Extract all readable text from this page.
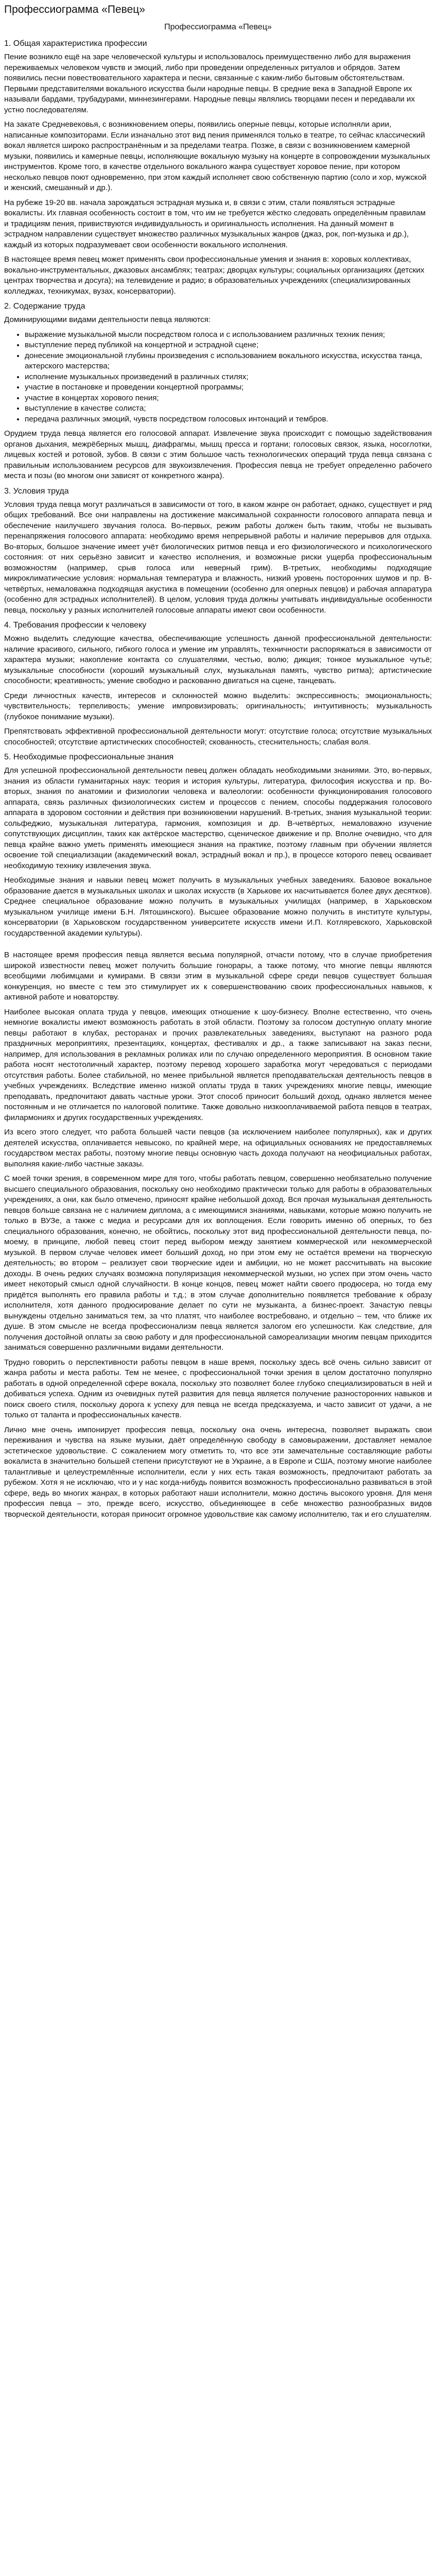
Профессиограмма «Певец»
Профессиограмма «Певец»
1. Общая характеристика профессии

Пение возникло ещё на заре человеческой культуры и использовалось преимущественно либо для выражения переживаемых человеком чувств и эмоций, либо при проведении определенных ритуалов и обрядов. Затем появились песни повествовательного характера и песни, связанные с каким-либо бытовым обстоятельствам. Первыми представителями вокального искусства были народные певцы. В средние века в Западной Европе их называли бардами, трубадурами, миннезингерами. Народные певцы являлись творцами песен и передавали их устно последователям.

На закате Средневековья, с возникновением оперы, появились оперные певцы, которые исполняли арии, написанные композиторами. Если изначально этот вид пения применялся только в театре, то сейчас классический вокал является широко распространённым и за пределами театра. Позже, в связи с возникновением камерной музыки, появились и камерные певцы, исполняющие вокальную музыку на концерте в сопровождении музыкальных инструментов. Кроме того, в качестве отдельного вокального жанра существует хоровое пение, при котором несколько певцов поют одновременно, при этом каждый исполняет свою собственную партию (соло и хор, мужской и женский, смешанный и др.).

На рубеже 19-20 вв. начала зарождаться эстрадная музыка и, в связи с этим, стали появляться эстрадные вокалисты. Их главная особенность состоит в том, что им не требуется жёстко следовать определённым правилам и традициям пения, привиствуются индивидуальность и оригинальность исполнения. На данный момент в эстрадном направлении существует множество различных музыкальных жанров (джаз, рок, поп-музыка и др.), каждый из которых подразумевает свои особенности вокального исполнения.

В настоящее время певец может применять свои профессиональные умения и знания в: хоровых коллективах, вокально-инструментальных, джазовых ансамблях; театрах; дворцах культуры; социальных организациях (детских центрах творчества и досуга); на телевидение и радио; в образовательных учреждениях (специализированных колледжах, техникумах, вузах, консерватории).

2. Содержание труда

Доминирующими видами деятельности певца являются:

• выражение музыкальной мысли посредством голоса и с использованием различных техник пения;
• выступление перед публикой на концертной и эстрадной сцене;
• донесение эмоциональной глубины произведения с использованием вокального искусства, искусства танца, актерского мастерства;
• исполнение музыкальных произведений в различных стилях;
• участие в постановке и проведении концертной программы;
• участие в концертах хорового пения;
• выступление в качестве солиста;
• передача различных эмоций, чувств посредством голосовых интонаций и тембров.

Орудием труда певца является его голосовой аппарат. Извлечение звука происходит с помощью задействования органов дыхания, межрёберных мышц, диафрагмы, мышц пресса и гортани; голосовых связок, языка, носоглотки, лицевых костей и ротовой, зубов. В связи с этим большое часть технологических операций труда певца связана с правильным использованием ресурсов для звукоизвлечения. Профессия певца не требует определенно рабочего места и позы (во многом они зависят от конкретного жанра).

3. Условия труда

Условия труда певца могут различаться в зависимости от того, в каком жанре он работает, однако, существует и ряд общих требований. Все они направлены на достижение максимальной сохранности голосового аппарата певца и обеспечение наилучшего звучания голоса. Во-первых, режим работы должен быть таким, чтобы не вызывать перенапряжения голосового аппарата: необходимо время непрерывной работы и наличие перерывов для отдыха. Во-вторых, большое значение имеет учёт биологических ритмов певца и его физиологического и психологического состояния: от них серьёзно зависит и качество исполнения, и возможные риски ущерба профессиональным возможностям (например, срыв голоса или неверный грим). В-третьих, необходимы подходящие микроклиматические условия: нормальная температура и влажность, низкий уровень посторонних шумов и пр. В-четвёртых, немаловажна подходящая акустика в помещении (особенно для оперных певцов) и рабочая аппаратура (особенно для эстрадных исполнителей). В целом, условия труда должны учитывать индивидуальные особенности певца, поскольку у разных исполнителей голосовые аппараты имеют свои особенности.

4. Требования профессии к человеку

Можно выделить следующие качества, обеспечивающие успешность данной профессиональной деятельности: наличие красивого, сильного, гибкого голоса и умение им управлять, техничности распоряжаться в зависимости от характера музыки; накопление контакта со слушателями, честью, волю; дикция; тонкое музыкальное чутьё; музыкальные способности (хороший музыкальный слух, музыкальная память, чувство ритма); артистические способности; креативность; умение свободно и раскованно двигаться на сцене, танцевать.

Среди личностных качеств, интересов и склонностей можно выделить: экспрессивность; эмоциональность; чувствительность; терпеливость; умение импровизировать; оригинальность; интуитивность; музыкальность (глубокое понимание музыки).

Препятствовать эффективной профессиональной деятельности могут: отсутствие голоса; отсутствие музыкальных способностей; отсутствие артистических способностей; скованность, стеснительность; слабая воля.

5. Необходимые профессиональные знания

Для успешной профессиональной деятельности певец должен обладать необходимыми знаниями. Это, во-первых, знания из области гуманитарных наук: теория и история культуры, литература, философия искусства и пр. Во-вторых, знания по анатомии и физиологии человека и валеологии: особенности функционирования голосового аппарата, связь различных физиологических систем и процессов с пением, способы поддержания голосового аппарата в здоровом состоянии и действия при возникновении нарушений. В-третьих, знания музыкальной теории: сольфеджио, музыкальная литература, гармония, композиция и др. В-четвёртых, немаловажно изучение сопутствующих дисциплин, таких как актёрское мастерство, сценическое движение и пр. Вполне очевидно, что для певца крайне важно уметь применять имеющиеся знания на практике, поэтому главным при обучении является освоение той специализации (академический вокал, эстрадный вокал и пр.), в процессе которого певец осваивает необходимую технику извлечения звука.

Необходимые знания и навыки певец может получить в музыкальных учебных заведениях. Базовое вокальное образование дается в музыкальных школах и школах искусств (в Харькове их насчитывается более двух десятков). Среднее специальное образование можно получить в музыкальных училищах (например, в Харьковском музыкальном училище имени Б.Н. Лятошинского). Высшее образование можно получить в институте культуры, консерватории (в Харьковском государственном университете искусств имени И.П. Котляревского, Харьковской государственной академии культуры).

В настоящее время профессия певца является весьма популярной, отчасти потому, что в случае приобретения широкой известности певец может получить большие гонорары, а также потому, что многие певцы являются всеобщими любимцами и кумирами. В связи этим в музыкальной сфере среди певцов существует большая конкуренция, но вместе с тем это стимулирует их к совершенствованию своих профессиональных навыков, к активной работе и новаторству.

Наиболее высокая оплата труда у певцов, имеющих отношение к шоу-бизнесу. Вполне естественно, что очень немногие вокалисты имеют возможность работать в этой области. Поэтому за голосом доступную оплату многие певцы работают в клубах, ресторанах и прочих развлекательных заведениях, выступают на разного рода праздничных мероприятиях, презентациях, концертах, фестивалях и др., а также записывают на заказ песни, например, для использования в рекламных роликах или по случаю определенного мероприятия. В основном такие работа носят нестотоличный характер, поэтому перевод хорошего заработка могут чередоваться с периодами отсутствия работы. Более стабильной, но менее прибыльной является преподавательская деятельность певцов в учебных учреждениях. Вследствие именно низкой оплаты труда в таких учреждениях многие певцы, имеющие преподавать, предпочитают давать частные уроки. Этот способ приносит больший доход, однако является менее постоянным и не отличается по налоговой политике. Также довольно низкооплачиваемой работа певцов в театрах, филармониях и других государственных учреждениях.

Из всего этого следует, что работа большей части певцов (за исключением наиболее популярных), как и других деятелей искусства, оплачивается невысоко, по крайней мере, на официальных основаниях не предоставляемых государством местах работы, поэтому многие певцы основную часть дохода получают на неофициальных работах, выполняя какие-либо частные заказы.

С моей точки зрения, в современном мире для того, чтобы работать певцом, совершенно необязательно получение высшего специального образования, поскольку оно необходимо практически только для работы в образовательных учреждениях, а они, как было отмечено, приносят крайне небольшой доход. Вся прочая музыкальная деятельность певцов больше связана не с наличием диплома, а с имеющимися знаниями, навыками, которые можно получить не только в ВУЗе, а также с медиа и ресурсами для их воплощения. Если говорить именно об оперных, то без специального образования, конечно, не обойтись, поскольку этот вид профессиональной деятельности певца, по-моему, в принципе, любой певец стоит перед выбором между занятием коммерческой или некоммерческой музыкой. В первом случае человек имеет больший доход, но при этом ему не остаётся времени на творческую деятельность; во втором – реализует свои творческие идеи и амбиции, но не может рассчитывать на высокие доходы. В очень редких случаях возможна популяризация некоммерческой музыки, но успех при этом очень часто имеет некоторый смысл одной случайности. В конце концов, певец может найти своего продюсера, но тогда ему придётся выполнять его правила работы и т.д.; в этом случае дополнительно появляется требование к образу исполнителя, хотя данного продюсирование делает по сути не музыканта, а бизнес-проект. Зачастую певцы вынуждены отдельно заниматься тем, за что платят, что наиболее востребовано, и отдельно – тем, что ближе их душе. В этом смысле не всегда профессионализм певца является залогом его успешности. Как следствие, для получения достойной оплаты за свою работу и для профессиональной самореализации многим певцам приходится заниматься совершенно различными видами деятельности.

Трудно говорить о перспективности работы певцом в наше время, поскольку здесь всё очень сильно зависит от жанра работы и места работы. Тем не менее, с профессиональной точки зрения в целом достаточно популярно работать в одной определенной сфере вокала, поскольку это позволяет более глубоко специализироваться в ней и добиваться успеха. Одним из очевидных путей развития для певца является получение разносторонних навыков и поиск своего стиля, поскольку дорога к успеху для певца не всегда предсказуема, и часто зависит от удачи, а не только от таланта и профессиональных качеств.

Лично мне очень импонирует профессия певца, поскольку она очень интересна, позволяет выражать свои переживания и чувства на языке музыки, даёт определённую свободу в самовыражении, доставляет немалое эстетическое удовольствие. С сожалением могу отметить то, что все эти замечательные составляющие работы вокалиста в значительно большей степени присутствуют не в Украине, а в Европе и США, поэтому многие наиболее талантливые и целеустремлённые исполнители, если у них есть такая возможность, предпочитают работать за рубежом. Хотя я не исключаю, что и у нас когда-нибудь появится возможность профессионально развиваться в этой сфере, ведь во многих жанрах, в которых работают наши исполнители, можно достичь высокого уровня. Для меня профессия певца – это, прежде всего, искусство, объединяющее в себе множество разнообразных видов творческой деятельности, которая приносит огромное удовольствие как самому исполнителю, так и его слушателям.
